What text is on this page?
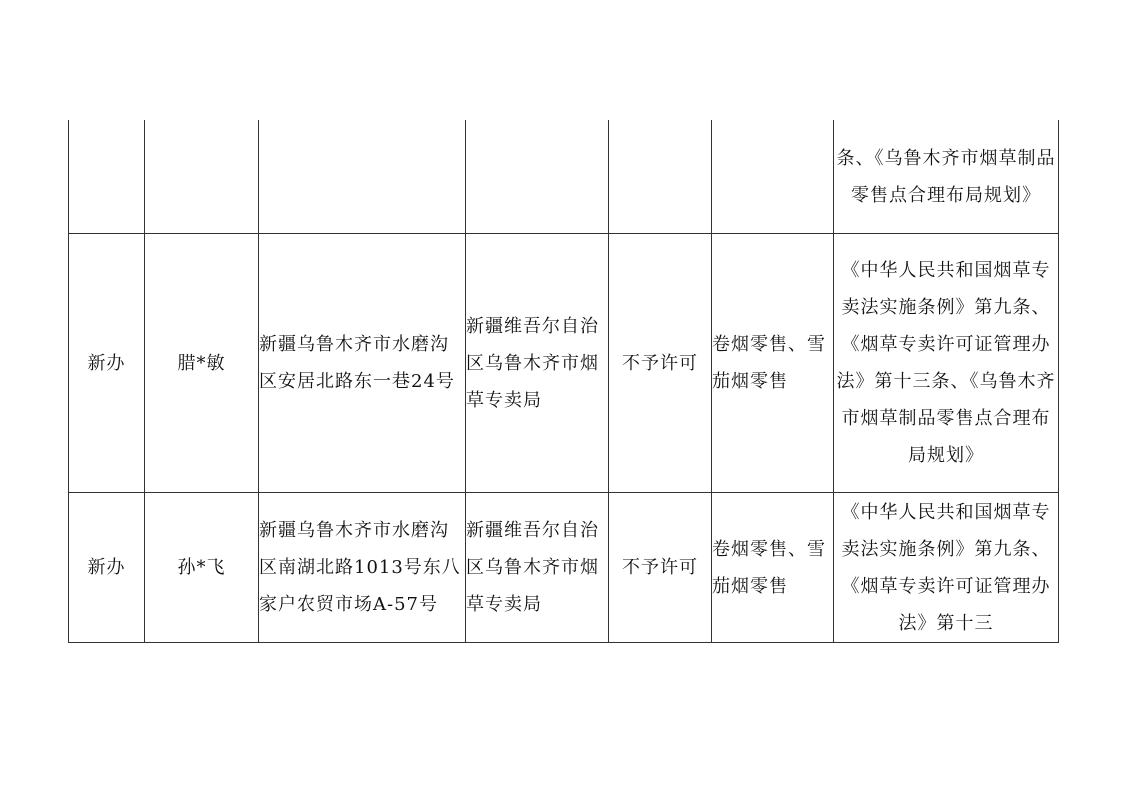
						条、《乌鲁木齐市烟草制品零售点合理布局规划》
新办	腊*敏	新疆乌鲁木齐市水磨沟区安居北路东一巷24号	新疆维吾尔自治区乌鲁木齐市烟草专卖局	不予许可	卷烟零售、雪茄烟零售	《中华人民共和国烟草专卖法实施条例》第九条、《烟草专卖许可证管理办法》第十三条、《乌鲁木齐市烟草制品零售点合理布局规划》
新办	孙*飞	新疆乌鲁木齐市水磨沟区南湖北路1013号东八家户农贸市场A-57号	新疆维吾尔自治区乌鲁木齐市烟草专卖局	不予许可	卷烟零售、雪茄烟零售	《中华人民共和国烟草专卖法实施条例》第九条、《烟草专卖许可证管理办法》第十三
